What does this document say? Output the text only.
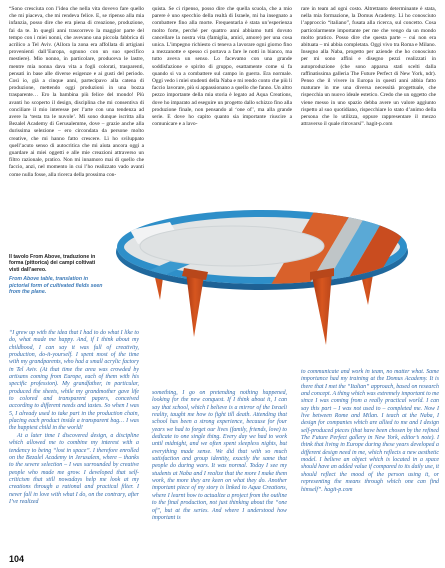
“Sono cresciuta con l’idea che nella vita dovevo fare quello che mi piaceva, che mi rendeva felice. E, se ripenso alla mia infanzia, posso dire che era piena di creazione, produzione, fai da te. In quegli anni trascorrevo la maggior parte del tempo con i miei nonni, che avevano una piccola fabbrica di acrilico a Tel Aviv. (Allora la zona era affollata di artigiani provenienti dall’Europa, ognuno con un suo specifico mestiere). Mio nonno, in particolare, produceva le lastre, mentre mia nonna dava vita a fogli colorati, trasparenti, pensati in base alle diverse esigenze e ai gusti del periodo. Così io, già a cinque anni, partecipavo alla catena di produzione, mettendo oggi produzioni in una bozza trasparente… Ero la bambina più felice del mondo! Più avanti ho scoperto il design, disciplina che mi consentiva di conciliare il mio interesse per l’arte con una tendenza ad avere la ‘testa tra le nuvole’. Mi sono dunque iscritta alla Bezalel Academy di Gerusalemme, dove – grazie anche alla durissima selezione – ero circondata da persone molto creative, che mi hanno fatto crescere. Lì ho sviluppato quell’acuto senso di autocritica che mi aiuta ancora oggi a guardare ai miei oggetti e alle mie creazioni attraverso un filtro razionale, pratico. Non mi innamoro mai di quello che faccio, anzi, nel momento in cui l’ho realizzato vado avanti come nulla fosse, alla ricerca della prossima con-

quista. Se ci ripenso, posso dire che quella scuola, che a mio parere è uno specchio della realtà di Israele, mi ha insegnato a combattere fino alla morte. Frequentarla è stata un’esperienza molto forte, perché per quattro anni abbiamo tutti dovuto cancellare la nostra vita (famiglia, amici, amore) per una cosa unica. L’impegno richiesto ci teneva a lavorare ogni giorno fino a mezzanotte e spesso ci portava a fare le notti in bianco, ma tutto aveva un senso. Lo facevamo con una grande soddisfazione e spirito di gruppo, esattamente come si fa quando si va a combattere sul campo in guerra. Era normale. Oggi vedo i miei studenti della Naba e mi rendo conto che più li faccio lavorare, più si appassionano a quello che fanno. Un altro pezzo importante della mia storia è legato ad Aqua Creations, dove ho imparato ad eseguire un progetto dallo schizzo fino alla produzione finale, non pensando al ‘one of’, ma alla grande serie. E dove ho capito quanto sia importante riuscire a comunicare e a lavo-

rare in team ad ogni costo. Altrettanto determinante è stata, nella mia formazione, la Domus Academy. Lì ho conosciuto l’approccio “italiano”, fusata alla ricerca, sul concetto. Cosa particolarmente importante per me che vengo da un mondo molto pratico. Posso dire che questa parte – cui non era abituata – mi abbia completata. Oggi vivo tra Roma e Milano. Insegno alla Naba, progetto per aziende che ho conosciuto per mi sono affini e disegno pezzi realizzati in autoproduzione (che sono apparsa stati scelti dalla raffinatissima galleria The Future Perfect di New York, ndr). Penso che il vivere in Europa in questi anni abbia fatto maturare in me una diversa necessità progettuale, che rispecchia un nuovo ideale estetico. Credo che un oggetto che viene messo in uno spazio debba avere un valore aggiunto rispetto al suo quotidiano, rispecchiare lo stato d’animo della persona che lo utilizza, oppure rappresentare il mezzo attraverso il quale ritrovarsi”. hagit-p.com

Il tavolo From Above, traduzione in forma (pittorica) dei campi coltivati visti dall’aereo.

From Above table, translation in pictorial form of cultivated fields seen from the plane.

“I grew up with the idea that I had to do what I like to do, what made me happy. And, if I think about my childhood, I can say it was full of creativity, production, do-it-yourself. I spent most of the time with my grandparents, who had a small acrylic factory in Tel Aviv. (At that time the area was crowded by artisans coming from Europe, each of them with his specific profession). My grandfather, in particular, produced the sheets, while my grandmother gave life to colored and transparent papers, conceived according to different needs and tastes. So when I was 5, I already used to take part in the production chain, placing each product inside a transparent bag… I was the happiest child in the world!

At a later time I discovered design, a discipline which allowed me to combine my interest with a tendency to being “lost in space”. I therefore enrolled on the Bezalel Academy in Jerusalem, where – thanks to the severe selection – I was surrounded by creative people who made me grow. I developed that self-criticism that still nowadays help me look at my creations through a rational and practical filter. I never fall in love with what I do, on the contrary, after I’ve realized

something, I go on pretending nothing happened, looking for the new conquest. If I think about it, I can say that school, which I believe is a mirror of the Israeli reality, taught me how to fight till death. Attending that school has been a strong experience, because for four years we had to forget our lives (family, friends, love) to dedicate to one single thing. Every day we had to work until midnight, and we often spent sleepless nights, but everything made sense. We did that with so much satisfaction and group identity, exactly the same that people do during wars. It was normal. Today I see my students at Naba and I realize that the more I make them work, the more they are keen on what they do. Another important piece of my story is linked to Aqua Creations, where I learnt how to actualize a project from the outline to the final production, not just thinking about the “one of”, but at the series. And where I understood how important is

to communicate and work in team, no matter what. Same importance had my training at the Domus Academy. It is there that I met the “Italian” approach, based on research and concept. A thing which was extremely important to me since I was coming from a really practical world. I can say this part – I was not used to – completed me. Now I live between Rome and Milan. I teach at the Naba, I design for companies which are allied to me and I design self-produced pieces (that have been chosen by the refined The Future Perfect gallery in New York, editor’s note). I think that living in Europe during these years developed a different design need in me, which reflects a new aesthetic model. I believe an object which is located in a space should have an added value if compared to its daily use, it should reflect the mood of the person using it, or representing the means through which one can find himself”. hagit-p.com

104
